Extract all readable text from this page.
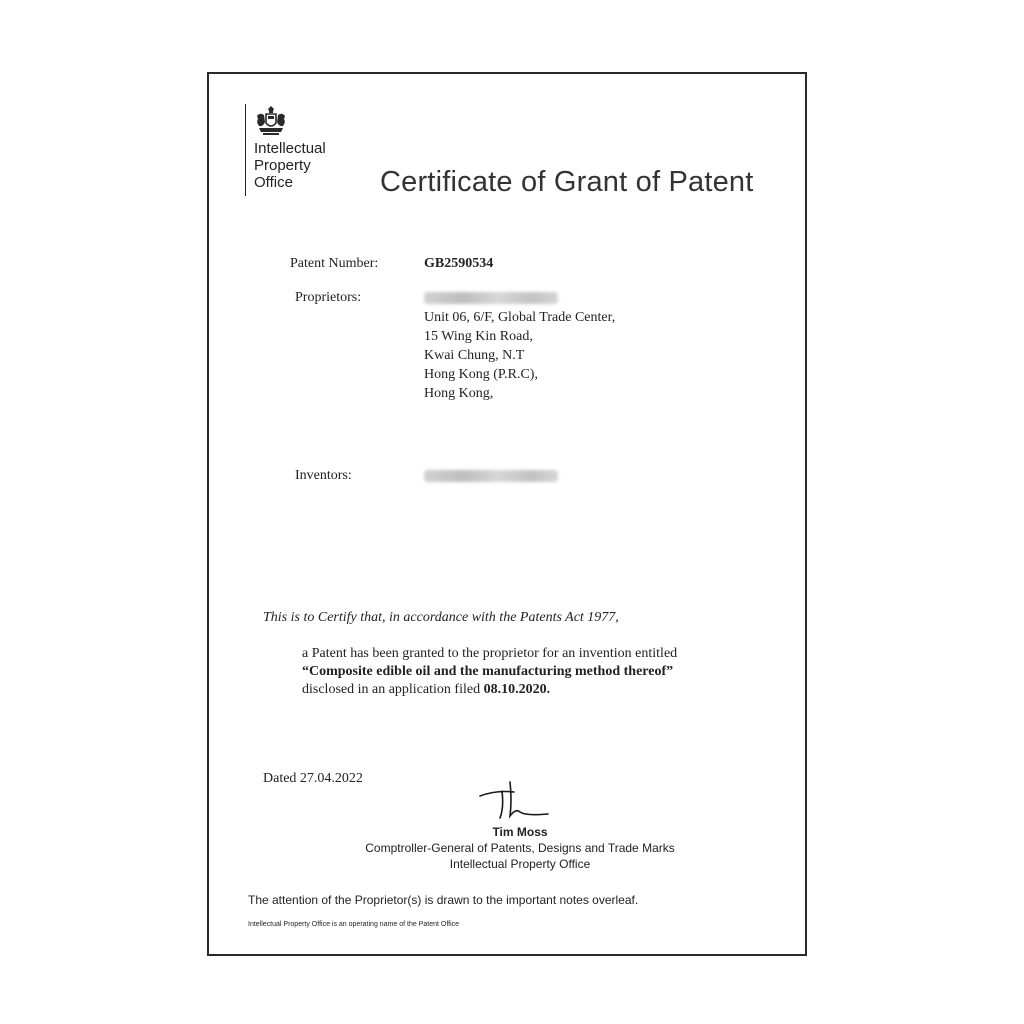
Intellectual
Property
Office	Certificate of Grant of Patent
Patent Number:	GB2590534
Proprietors:
Unit 06, 6/F, Global Trade Center,
15 Wing Kin Road,
Kwai Chung, N.T
Hong Kong (P.R.C),
Hong Kong,
Inventors:
This is to Certify that, in accordance with the Patents Act 1977,
a Patent has been granted to the proprietor for an invention entitled
“Composite edible oil and the manufacturing method thereof”
disclosed in an application filed 08.10.2020.
Dated 27.04.2022
Tim Moss
Comptroller-General of Patents, Designs and Trade Marks
Intellectual Property Office
The attention of the Proprietor(s) is drawn to the important notes overleaf.
Intellectual Property Office is an operating name of the Patent Office
